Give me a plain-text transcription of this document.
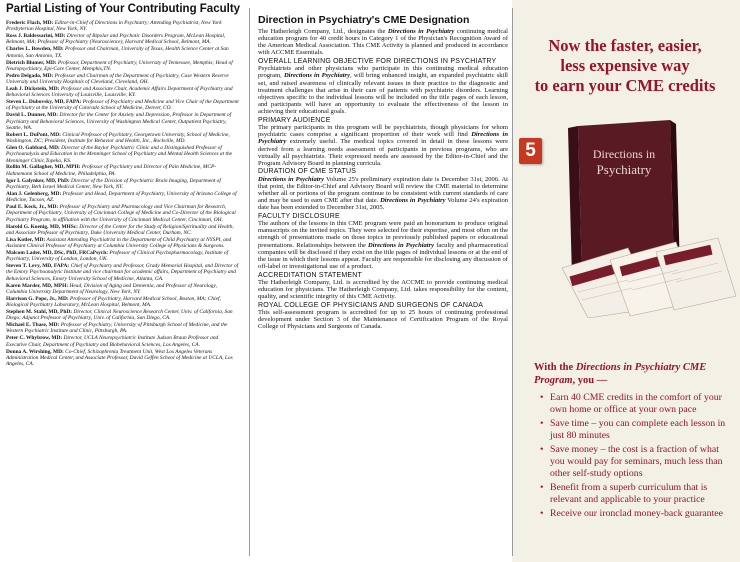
Partial Listing of Your Contributing Faculty
Frederic Flach, MD: Editor-in-Chief of Directions in Psychiatry; Attending Psychiatrist, New York Presbyterian Hospital, New York, NY.
Ross J. Baldessarini, MD: Director of Bipolar and Psychotic Disorders Program, McLean Hospital, Belmont, MA; Professor of Psychiatry (Neuroscience), Harvard Medical School, Belmont, MA.
Charles L. Bowden, MD: Professor and Chairman, University of Texas, Health Science Center at San Antonio, San Antonio, TX.
Dietrich Blumer, MD: Professor, Department of Psychiatry, University of Tennessee, Memphis; Head of Neuropsychiatry, Epi-Care Center, Memphis,TN.
Pedro Delgado, MD: Professor and Chairman of the Department of Psychiatry, Case Western Reserve University and University Hospitals of Cleveland, Cleveland, OH.
Leah J. Dickstein, MD: Professor and Associate Chair, Academic Affairs Department of Psychiatry and Behavioral Sciences University of Louisville, Louisville, KY.
Steven L. Dubovsky, MD, FAPA: Professor of Psychiatry and Medicine and Vice Chair of the Department of Psychiatry at the University of Colorado School of Medicine, Denver, CO.
David L. Dunner, MD: Director for the Center for Anxiety and Depression, Professor in Department of Psychiatry and Behavioral Sciences, University of Washington Medical Center, Outpatient Psychiatry, Seattle, WA.
Robert L. DuPont, MD: Clinical Professor of Psychiatry, Georgetown University, School of Medicine, Washington, DC; President, Institute for Behavior and Health, Inc., Rockville, MD.
Glen O. Gabbard, MD: Director of the Baylor Psychiatric Clinic and a Distinguished Professor of Psychoanalysis and Education in the Menninger School of Psychiatry and Mental Health Sciences at the Menninger Clinic,Topeka, KS.
Rollin M. Gallagher, MD, MPH: Professor of Psychiatry and Director of Pain Medicine, MCP-Hahnemann School of Medicine, Philadelphia, PA.
Igor I. Galynker, MD, PhD: Director of the Division of Psychiatric Brain Imaging, Department of Psychiatry, Beth Israel Medical Center, New York, NY.
Alan J. Gelenberg, MD: Professor and Head, Department of Psychiatry, University of Arizona College of Medicine, Tucson, AZ.
Paul E. Keck, Jr., MD: Professor of Psychiatry and Pharmacology and Vice Chairman for Research, Department of Psychiatry, University of Cincinnati College of Medicine and Co-Director of the Biological Psychiatry Program, in affiliation with the University of Cincinnati Medical Center, Cincinnati, OH.
Harold G. Koenig, MD, MHSc: Director of the Center for the Study of Religion/Spirituality and Health, and Associate Professor of Psychiatry, Duke University Medical Center, Durham, NC.
Lisa Kotler, MD: Assistant Attending Psychiatrist in the Department of Child Psychiatry at NYSPI, and Assistant Clinical Professor of Psychiatry at Columbia University College of Physicians & Surgeons.
Malcom Lader, MD, DSc, PhD, FRCaPsych: Professor of Clinical Psychopharmacology, Institute of Psychiatry, University of London, London, UK.
Steven T. Levy, MD, FAPA: Chief of Psychiatry and Professor, Grady Memorial Hospital, and Director of the Emory Psychoanalytic Institute and vice chairman for academic affairs, Department of Psychiatry and Behavioral Sciences, Emory University School of Medicine, Atlanta, GA.
Karen Marder, MD, MPH: Head, Division of Aging and Dementia, and Professor of Neurology, Columbia University Department of Neurology, New York, NY.
Harrison G. Pope, Jr., MD: Professor of Psychiatry, Harvard Medical School, Boston, MA; Chief, Biological Psychiatry Laboratory, McLean Hospital, Belmont, MA.
Stephen M. Stahl, MD, PhD: Director, Clinical Neuroscience Research Center, Univ. of California, San Diego; Adjunct Professor of Psychiatry, Univ. of California, San Diego, CA.
Michael E. Thase, MD: Professor of Psychiatry, University of Pittsburgh School of Medicine, and the Western Psychiatric Institute and Clinic, Pittsburgh, PA.
Peter C. Whybrow, MD: Director, UCLA Neuropsychiatric Institute Judson Braun Professor and Executive Chair, Department of Psychiatry and Biobehavioral Sciences, Los Angeles, CA.
Donna A. Wirshing, MD: Co-Chief, Schizophrenia Treatment Unit, West Los Angeles Veterans Administration Medical Center, and Associate Professor, David Geffen School of Medicine at UCLA, Los Angeles, CA.
Direction in Psychiatry's CME Designation

The Hatherleigh Company, Ltd., designates the Directions in Psychiatry continuing medical education program for 40 credit hours in Category 1 of the Physician's Recognition Award of the American Medical Association. This CME Activity is planned and produced in accordance with ACCME Essentials.

OVERALL LEARNING OBJECTIVE FOR DIRECTIONS IN PSYCHIATRY

Psychiatrists and other physicians who participate in this continuing medical education program, Directions in Psychiatry, will bring enhanced insight, an expanded psychiatric skill set, and raised awareness of clinically relevant issues in their practice to the diagnostic and treatment challenges that arise in their care of patients with psychiatric disorders. Learning objectives specific to the individual lessons will be included on the title pages of each lesson, and participants will have an opportunity to evaluate the effectiveness of the lesson in achieving their educational goals.

PRIMARY AUDIENCE

The primary participants in this program will be psychiatrists, though physicians for whom psychiatric cases comprise a significant proportion of their work will find Directions in Psychiatry extremely useful. The medical topics covered in detail in these lessons were derived from a learning needs assessment of participants in previous programs, who are virtually all psychiatrists. Their expressed needs are assessed by the Editor-in-Chief and the Program Advisory Board in planning curricula.

DURATION OF CME STATUS

Directions in Psychiatry Volume 25's preliminary expiration date is December 31st, 2006. At that point, the Editor-in-Chief and Advisory Board will review the CME material to determine whether all or portions of the program continue to be consistent with current standards of care and may be used to earn CME after that date. Directions in Psychiatry Volume 24's expiration date has been extended to December 31st, 2005.

FACULTY DISCLOSURE

The authors of the lessons in this CME program were paid an honorarium to produce original manuscripts on the invited topics. They were selected for their expertise, and most often on the strength of presentations made on those topics in previously published papers or educational presentations. Relationships between the Directions in Psychiatry faculty and pharmaceutical companies will be disclosed if they exist on the title pages of individual lessons or at the end of the issue in which their lessons appear. Faculty are responsible for disclosing any discussion of off-label or investigational use of a product.

ACCREDITATION STATEMENT

The Hatherleigh Company, Ltd. is accredited by the ACCME to provide continuing medical education for physicians. The Hatherleigh Company, Ltd. takes responsibility for the content, quality, and scientific integrity of this CME Activity.

ROYAL COLLEGE OF PHYSICIANS AND SURGEONS OF CANADA

This self-assessment program is accredited for up to 25 hours of continuing professional development under Section 3 of the Maintenance of Certification Program of the Royal College of Physicians and Surgeons of Canada.

Now the faster, easier,
less expensive way
to earn your CME credits
5	Directions in
Psychiatry

With the Directions in Psychiatry CME Program, you —

• Earn 40 CME credits in the comfort of your own home or office at your own pace
• Save time – you can complete each lesson in just 80 minutes
• Save money – the cost is a fraction of what you would pay for seminars, much less than other self-study options
• Benefit from a superb curriculum that is relevant and applicable to your practice
• Receive our ironclad money-back guarantee
